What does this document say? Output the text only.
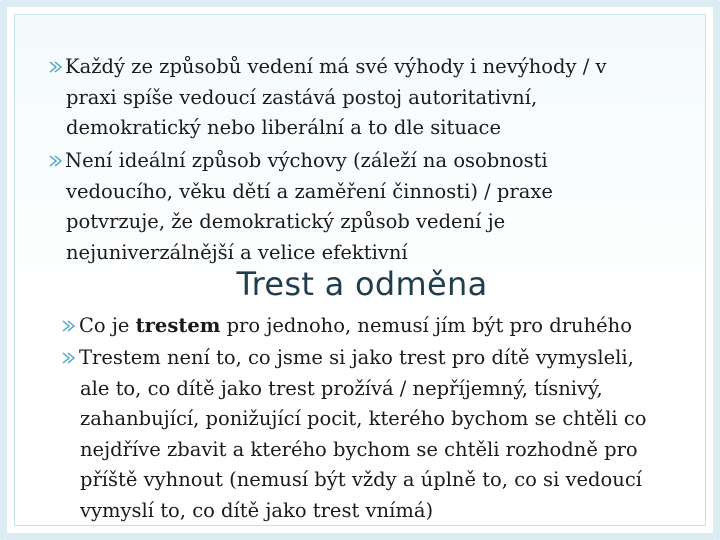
Každý ze způsobů vedení má své výhody i nevýhody / v
praxi spíše vedoucí zastává postoj autoritativní,
demokratický nebo liberální a to dle situace
Není ideální způsob výchovy (záleží na osobnosti
vedoucího, věku dětí a zaměření činnosti) / praxe
potvrzuje, že demokratický způsob vedení je
nejuniverzálnější a velice efektivní
Trest a odměna
Co je trestem pro jednoho, nemusí jím být pro druhého
Trestem není to, co jsme si jako trest pro dítě vymysleli,
ale to, co dítě jako trest prožívá / nepříjemný, tísnivý,
zahanbující, ponižující pocit, kterého bychom se chtěli co
nejdříve zbavit a kterého bychom se chtěli rozhodně pro
příště vyhnout (nemusí být vždy a úplně to, co si vedoucí
vymyslí to, co dítě jako trest vnímá)
